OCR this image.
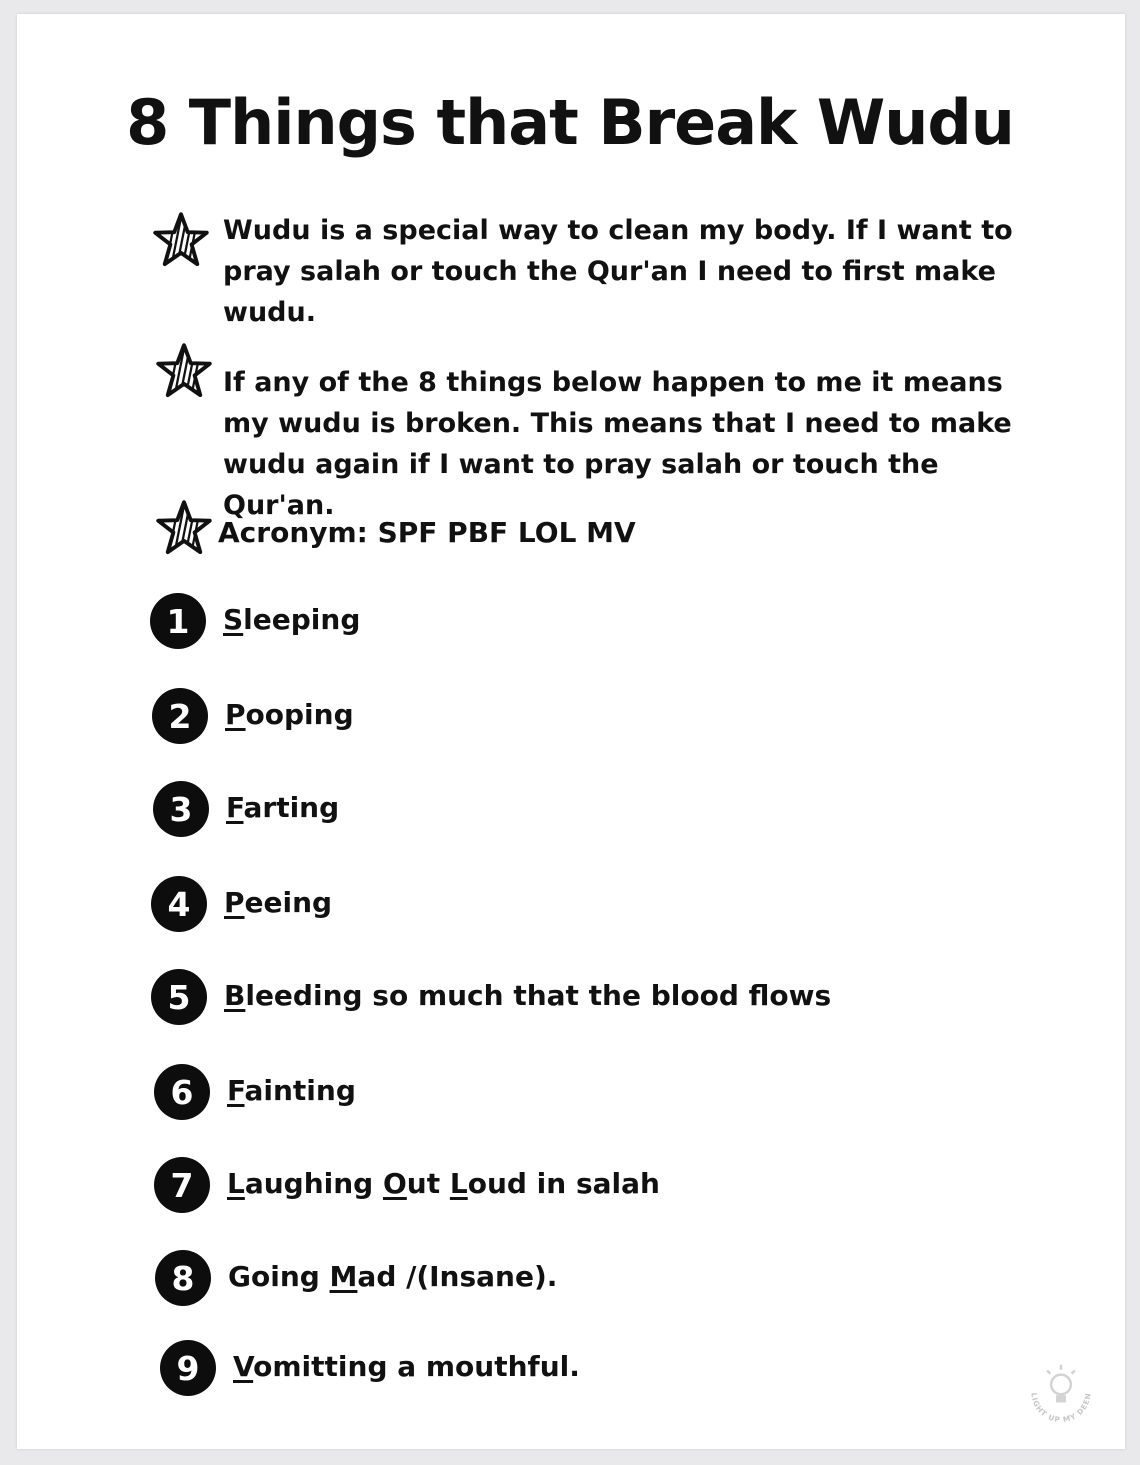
8 Things that Break Wudu

Wudu is a special way to clean my body. If I want to pray salah or touch the Qur'an I need to first make wudu.

If any of the 8 things below happen to me it means my wudu is broken. This means that I need to make wudu again if I want to pray salah or touch the Qur'an.

Acronym: SPF PBF LOL MV
1	Sleeping
2	Pooping
3	Farting
4	Peeing
5	Bleeding so much that the blood flows
6	Fainting
7	Laughing Out Loud in salah
8	Going Mad /(Insane).
9	Vomitting a mouthful.
LIGHT UP MY DEEN
